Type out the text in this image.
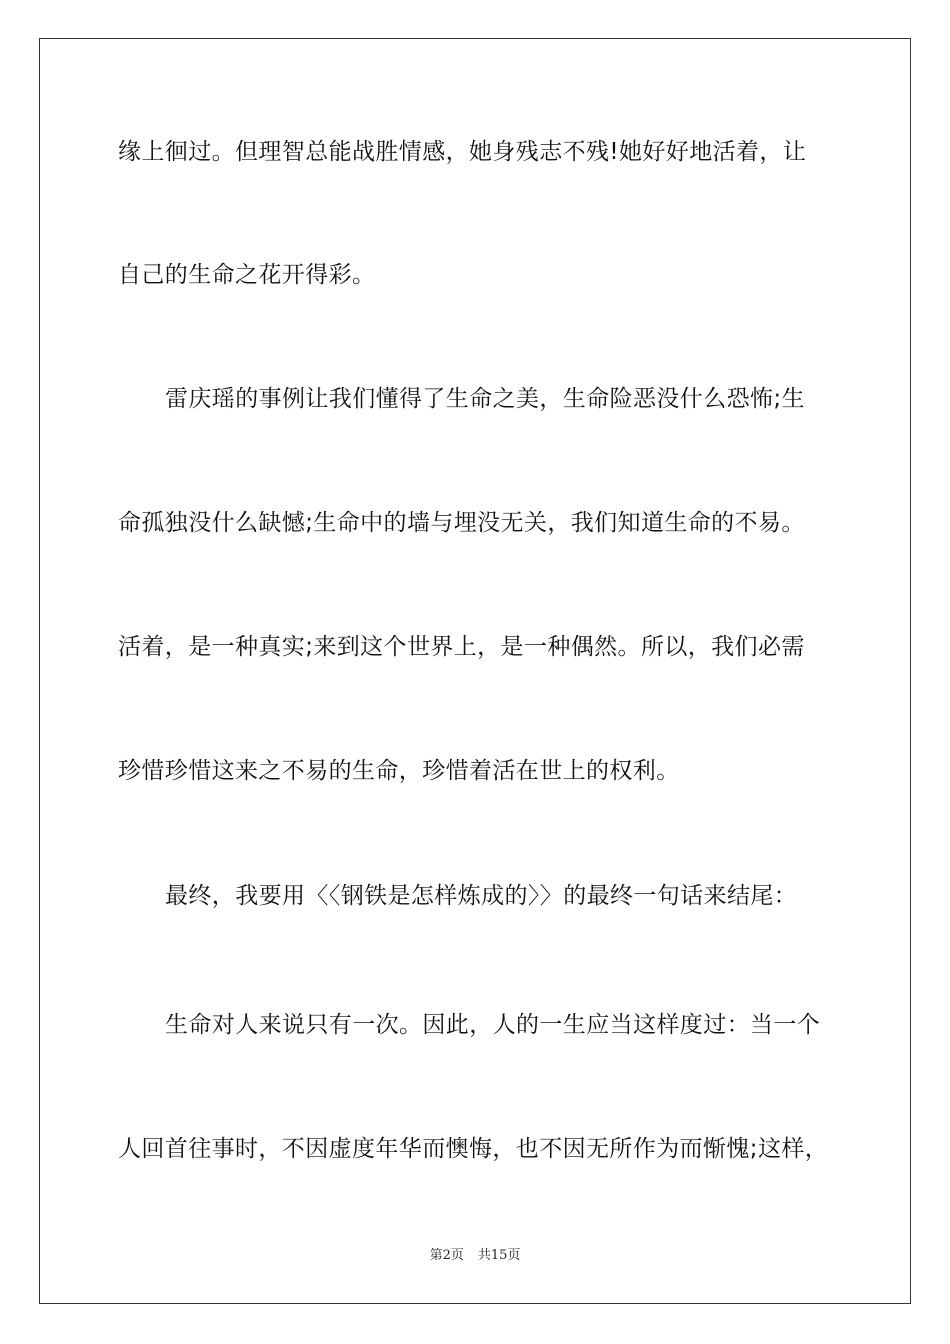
缘上徊过。但理智总能战胜情感，她身残志不残!她好好地活着，让
自己的生命之花开得彩。
雷庆瑶的事例让我们懂得了生命之美，生命险恶没什么恐怖;生
命孤独没什么缺憾;生命中的墙与埋没无关，我们知道生命的不易。
活着，是一种真实;来到这个世界上，是一种偶然。所以，我们必需
珍惜珍惜这来之不易的生命，珍惜着活在世上的权利。
最终，我要用〈〈钢铁是怎样炼成的〉〉的最终一句话来结尾：
生命对人来说只有一次。因此，人的一生应当这样度过：当一个
人回首往事时，不因虚度年华而懊悔，也不因无所作为而惭愧;这样，
第2页 共15页
